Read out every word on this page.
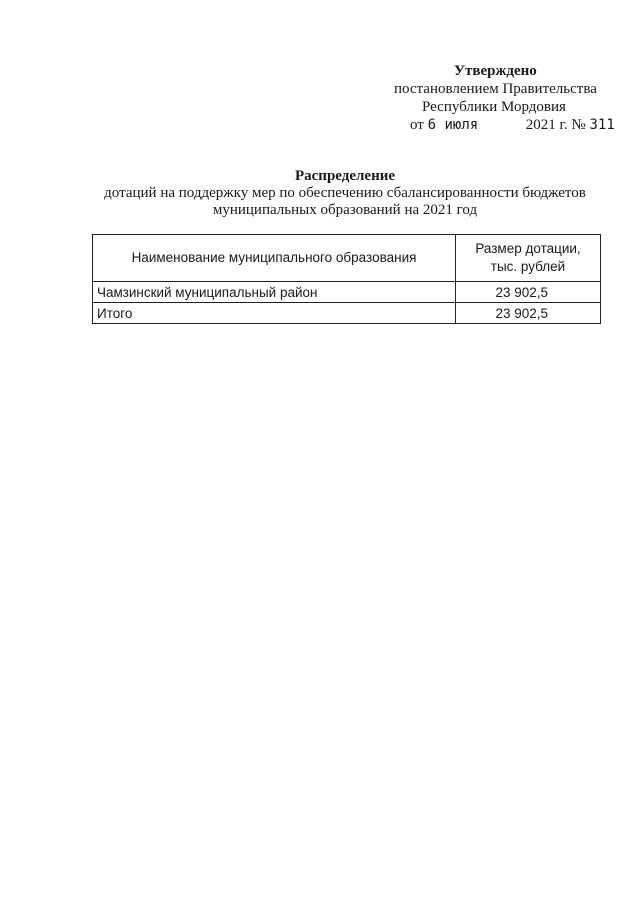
Утверждено
постановлением Правительства
Республики Мордовия
от 6 июля	2021 г. № 311
Распределение
дотаций на поддержку мер по обеспечению сбалансированности бюджетов
муниципальных образований на 2021 год
Наименование муниципального образования	Размер дотации,
тыс. рублей
Чамзинский муниципальный район	23 902,5
Итого	23 902,5
